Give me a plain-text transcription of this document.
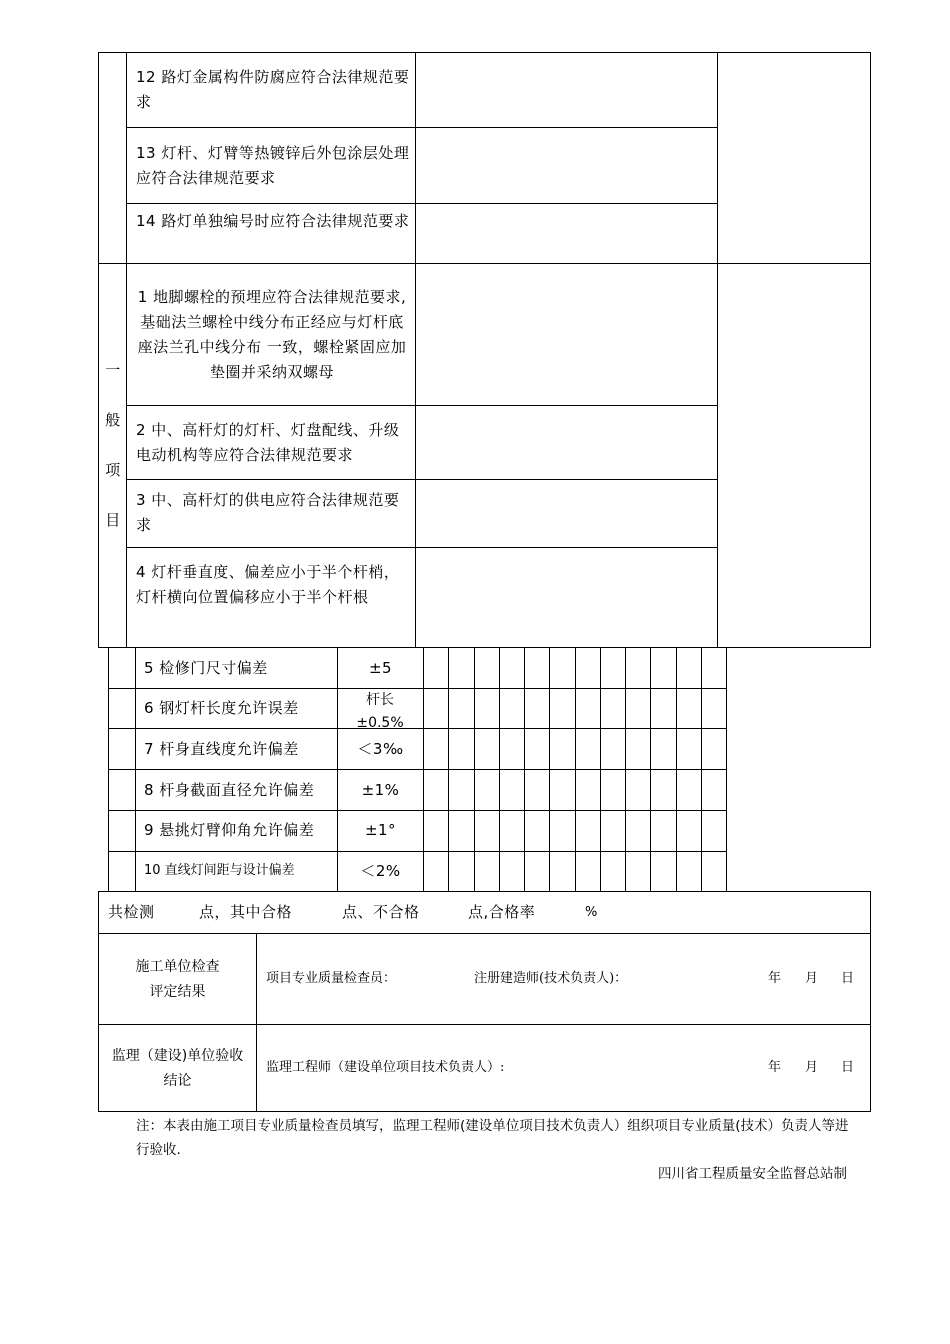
12 路灯金属构件防腐应符合法律规范要求
13 灯杆、灯臂等热镀锌后外包涂层处理应符合法律规范要求
14 路灯单独编号时应符合法律规范要求
一
般
项
目
1 地脚螺栓的预埋应符合法律规范要求,基础法兰螺栓中线分布正经应与灯杆底座法兰孔中线分布 一致，螺栓紧固应加垫圈并采纳双螺母
2 中、高杆灯的灯杆、灯盘配线、升级电动机构等应符合法律规范要求
3 中、高杆灯的供电应符合法律规范要求
4 灯杆垂直度、偏差应小于半个杆梢，灯杆横向位置偏移应小于半个杆根
5 检修门尺寸偏差	±5
6 钢灯杆长度允许误差	杆长±0.5%
7 杆身直线度允许偏差	＜3‰
8 杆身截面直径允许偏差	±1%
9 悬挑灯臂仰角允许偏差	±1°
10 直线灯间距与设计偏差	＜2%
共检测	点，其中合格	点、不合格	点,合格率	%
施工单位检查
评定结果
项目专业质量检查员：	注册建造师(技术负责人)：	年 月 日
监理（建设)单位验收
结论
监理工程师（建设单位项目技术负责人）:	年 月 日
注：本表由施工项目专业质量检查员填写，监理工程师(建设单位项目技术负责人）组织项目专业质量(技术）负责人等进行验收.
四川省工程质量安全监督总站制
